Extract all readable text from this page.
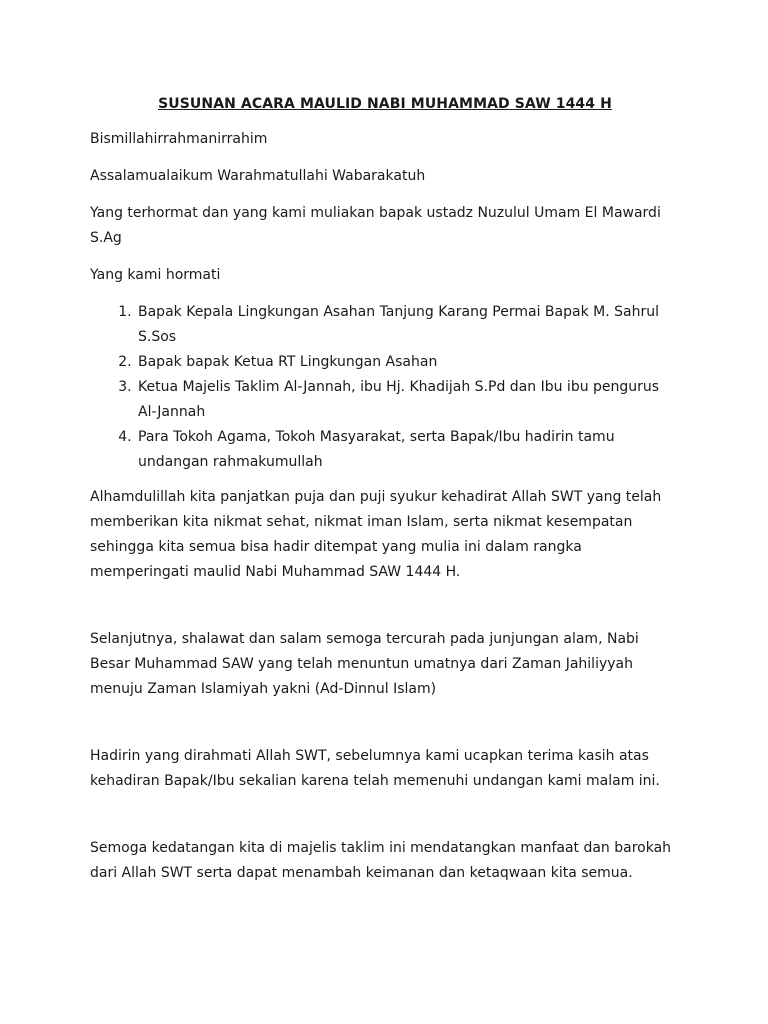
SUSUNAN ACARA MAULID NABI MUHAMMAD SAW 1444 H

Bismillahirrahmanirrahim

Assalamualaikum Warahmatullahi Wabarakatuh

Yang terhormat dan yang kami muliakan bapak ustadz Nuzulul Umam El Mawardi S.Ag

Yang kami hormati

1. Bapak Kepala Lingkungan Asahan Tanjung Karang Permai Bapak M. Sahrul S.Sos
2. Bapak bapak Ketua RT Lingkungan Asahan
3. Ketua Majelis Taklim Al-Jannah, ibu Hj. Khadijah S.Pd dan Ibu ibu pengurus Al-Jannah
4. Para Tokoh Agama, Tokoh Masyarakat, serta Bapak/Ibu hadirin tamu undangan rahmakumullah

Alhamdulillah kita panjatkan puja dan puji syukur kehadirat Allah SWT yang telah memberikan kita nikmat sehat, nikmat iman Islam, serta nikmat kesempatan sehingga kita semua bisa hadir ditempat yang mulia ini dalam rangka memperingati maulid Nabi Muhammad SAW 1444 H.

Selanjutnya, shalawat dan salam semoga tercurah pada junjungan alam, Nabi Besar Muhammad SAW yang telah menuntun umatnya dari Zaman Jahiliyyah menuju Zaman Islamiyah yakni (Ad-Dinnul Islam)

Hadirin yang dirahmati Allah SWT, sebelumnya kami ucapkan terima kasih atas kehadiran Bapak/Ibu sekalian karena telah memenuhi undangan kami malam ini.

Semoga kedatangan kita di majelis taklim ini mendatangkan manfaat dan barokah dari Allah SWT serta dapat menambah keimanan dan ketaqwaan kita semua.
